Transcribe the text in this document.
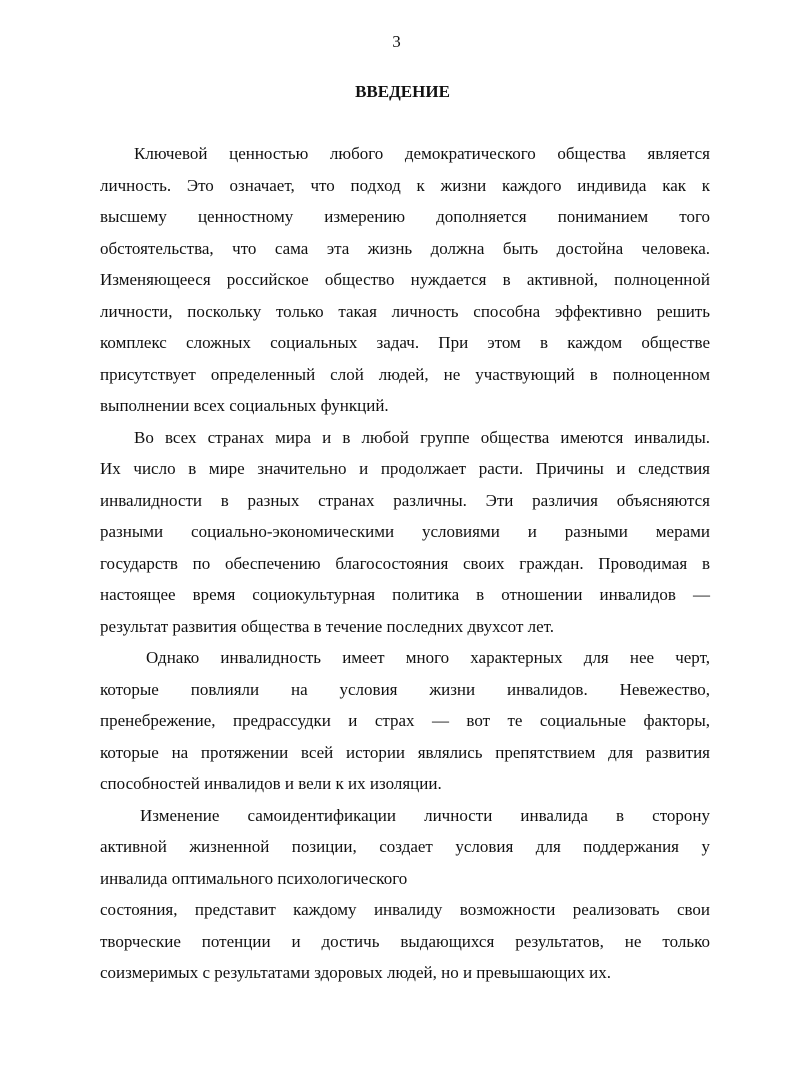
3
ВВЕДЕНИЕ
Ключевой ценностью любого демократического общества является
личность. Это означает, что подход к жизни каждого индивида как к
высшему ценностному измерению дополняется пониманием того
обстоятельства, что сама эта жизнь должна быть достойна человека.
Изменяющееся российское общество нуждается в активной, полноценной
личности, поскольку только такая личность способна эффективно решить
комплекс сложных социальных задач. При этом в каждом обществе
присутствует определенный слой людей, не участвующий в полноценном
выполнении всех социальных функций.
Во всех странах мира и в любой группе общества имеются инвалиды.
Их число в мире значительно и продолжает расти. Причины и следствия
инвалидности в разных странах различны. Эти различия объясняются
разными социально-экономическими условиями и разными мерами
государств по обеспечению благосостояния своих граждан. Проводимая в
настоящее время социокультурная политика в отношении инвалидов —
результат развития общества в течение последних двухсот лет.
Однако инвалидность имеет много характерных для нее черт,
которые повлияли на условия жизни инвалидов. Невежество,
пренебрежение, предрассудки и страх — вот те социальные факторы,
которые на протяжении всей истории являлись препятствием для развития
способностей инвалидов и вели к их изоляции.
Изменение самоидентификации личности инвалида в сторону
активной жизненной позиции, создает условия для поддержания у
инвалида оптимального психологического
состояния, представит каждому инвалиду возможности реализовать свои
творческие потенции и достичь выдающихся результатов, не только
соизмеримых с результатами здоровых людей, но и превышающих их.
